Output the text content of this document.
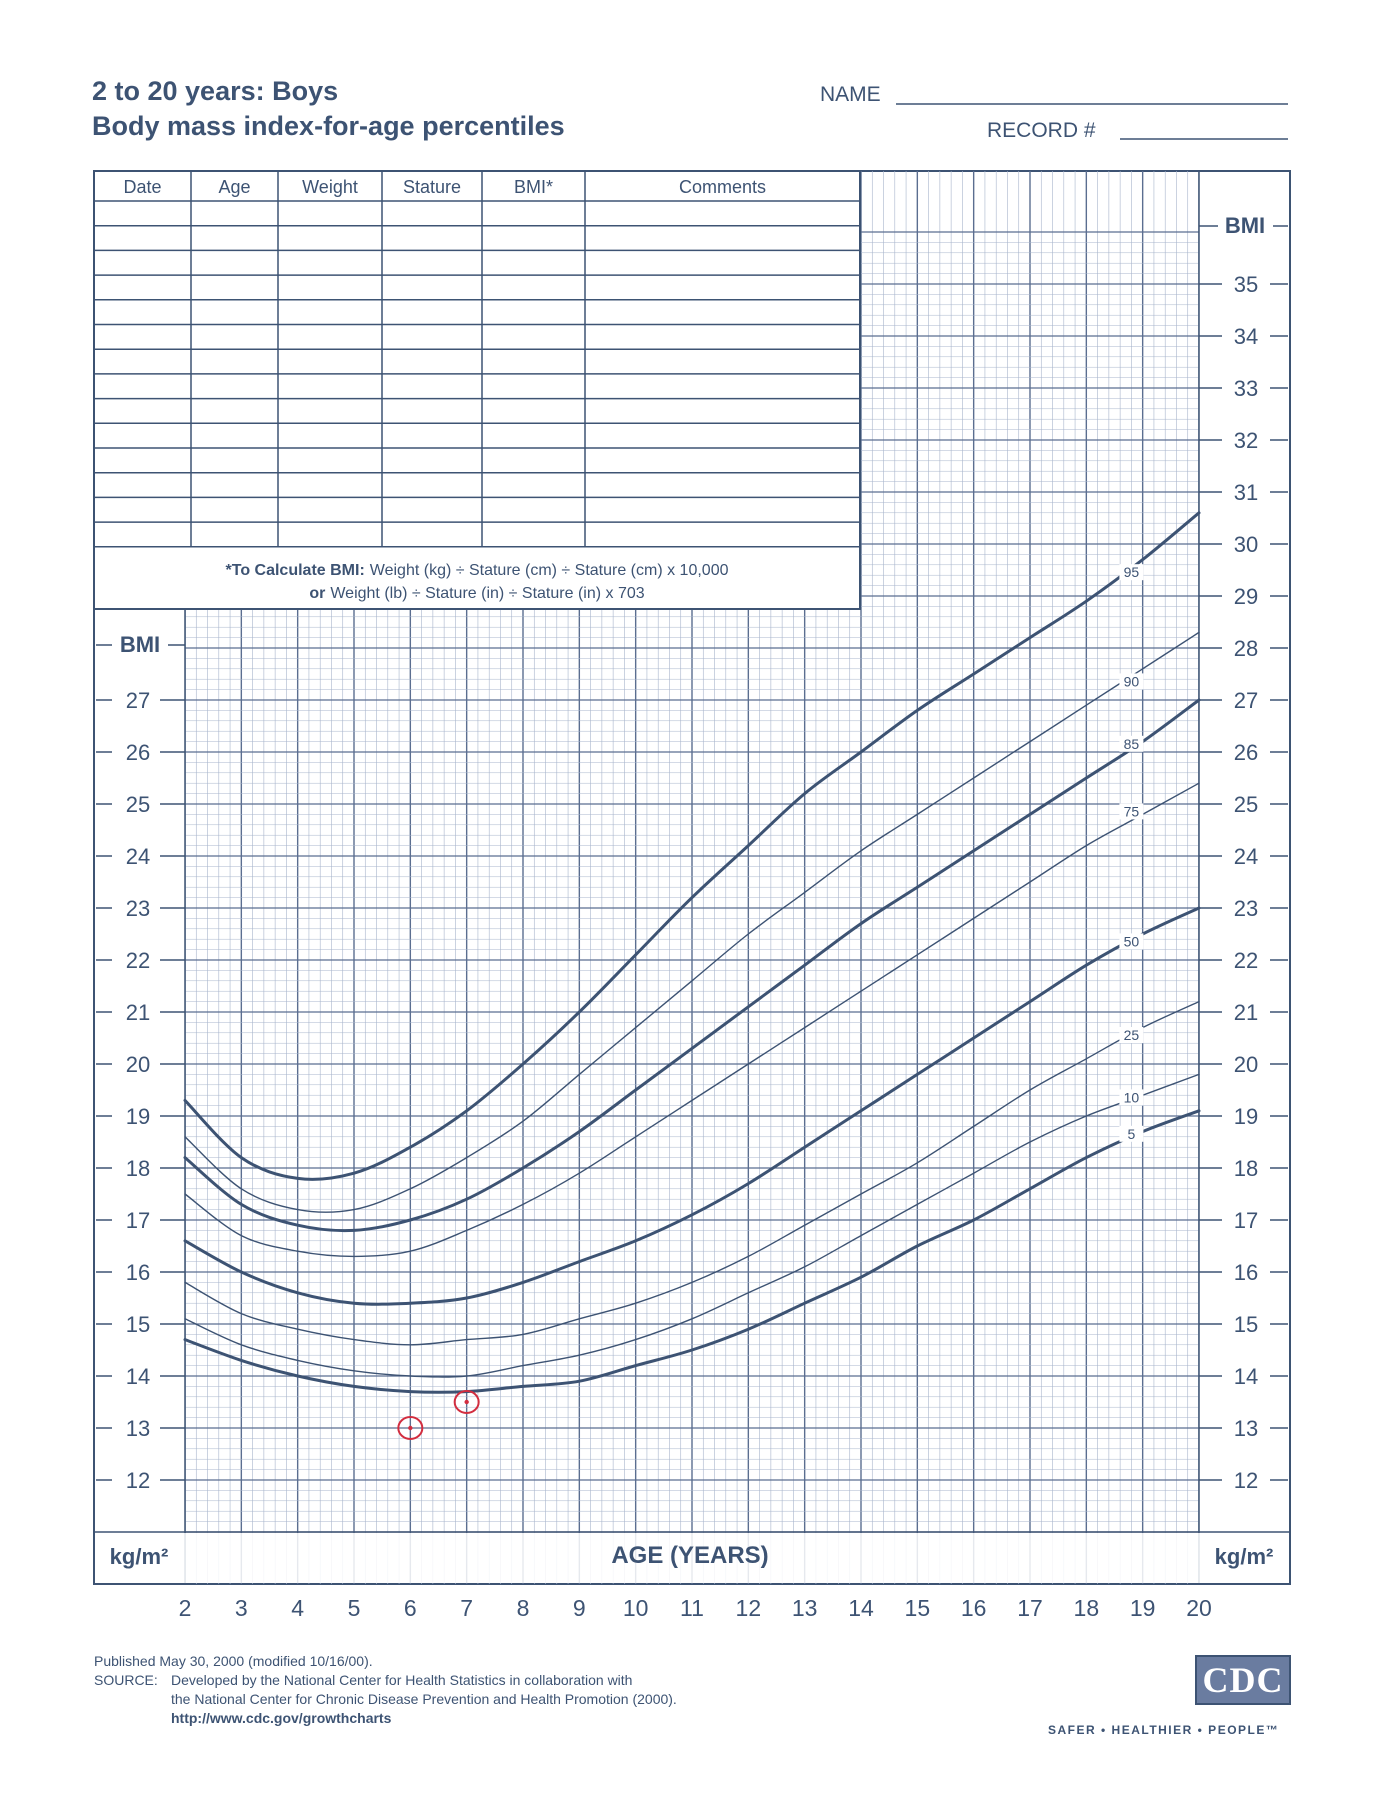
2 to 20 years: Boys
Body mass index-for-age percentiles
NAME
RECORD #
95
90
85
75
50
25
10
5
Date	Age	Weight	Stature	BMI*	Comments
*To Calculate BMI: Weight (kg) ÷ Stature (cm) ÷ Stature (cm) x 10,000
or Weight (lb) ÷ Stature (in) ÷ Stature (in) x 703
12
13
14
15
16
17
18
19
20
21
22
23
24
25
26
27
12
13
14
15
16
17
18
19
20
21
22
23
24
25
26
27
28
29
30
31
32
33
34
35
BMI
BMI
kg/m²	kg/m²
AGE (YEARS)
2 3 4 5 6 7 8 9 10 11 12 13 14 15 16 17 18 19 20
Published May 30, 2000 (modified 10/16/00).
SOURCE: Developed by the National Center for Health Statistics in collaboration with
the National Center for Chronic Disease Prevention and Health Promotion (2000).
http://www.cdc.gov/growthcharts
CDC
SAFER • HEALTHIER • PEOPLE™
